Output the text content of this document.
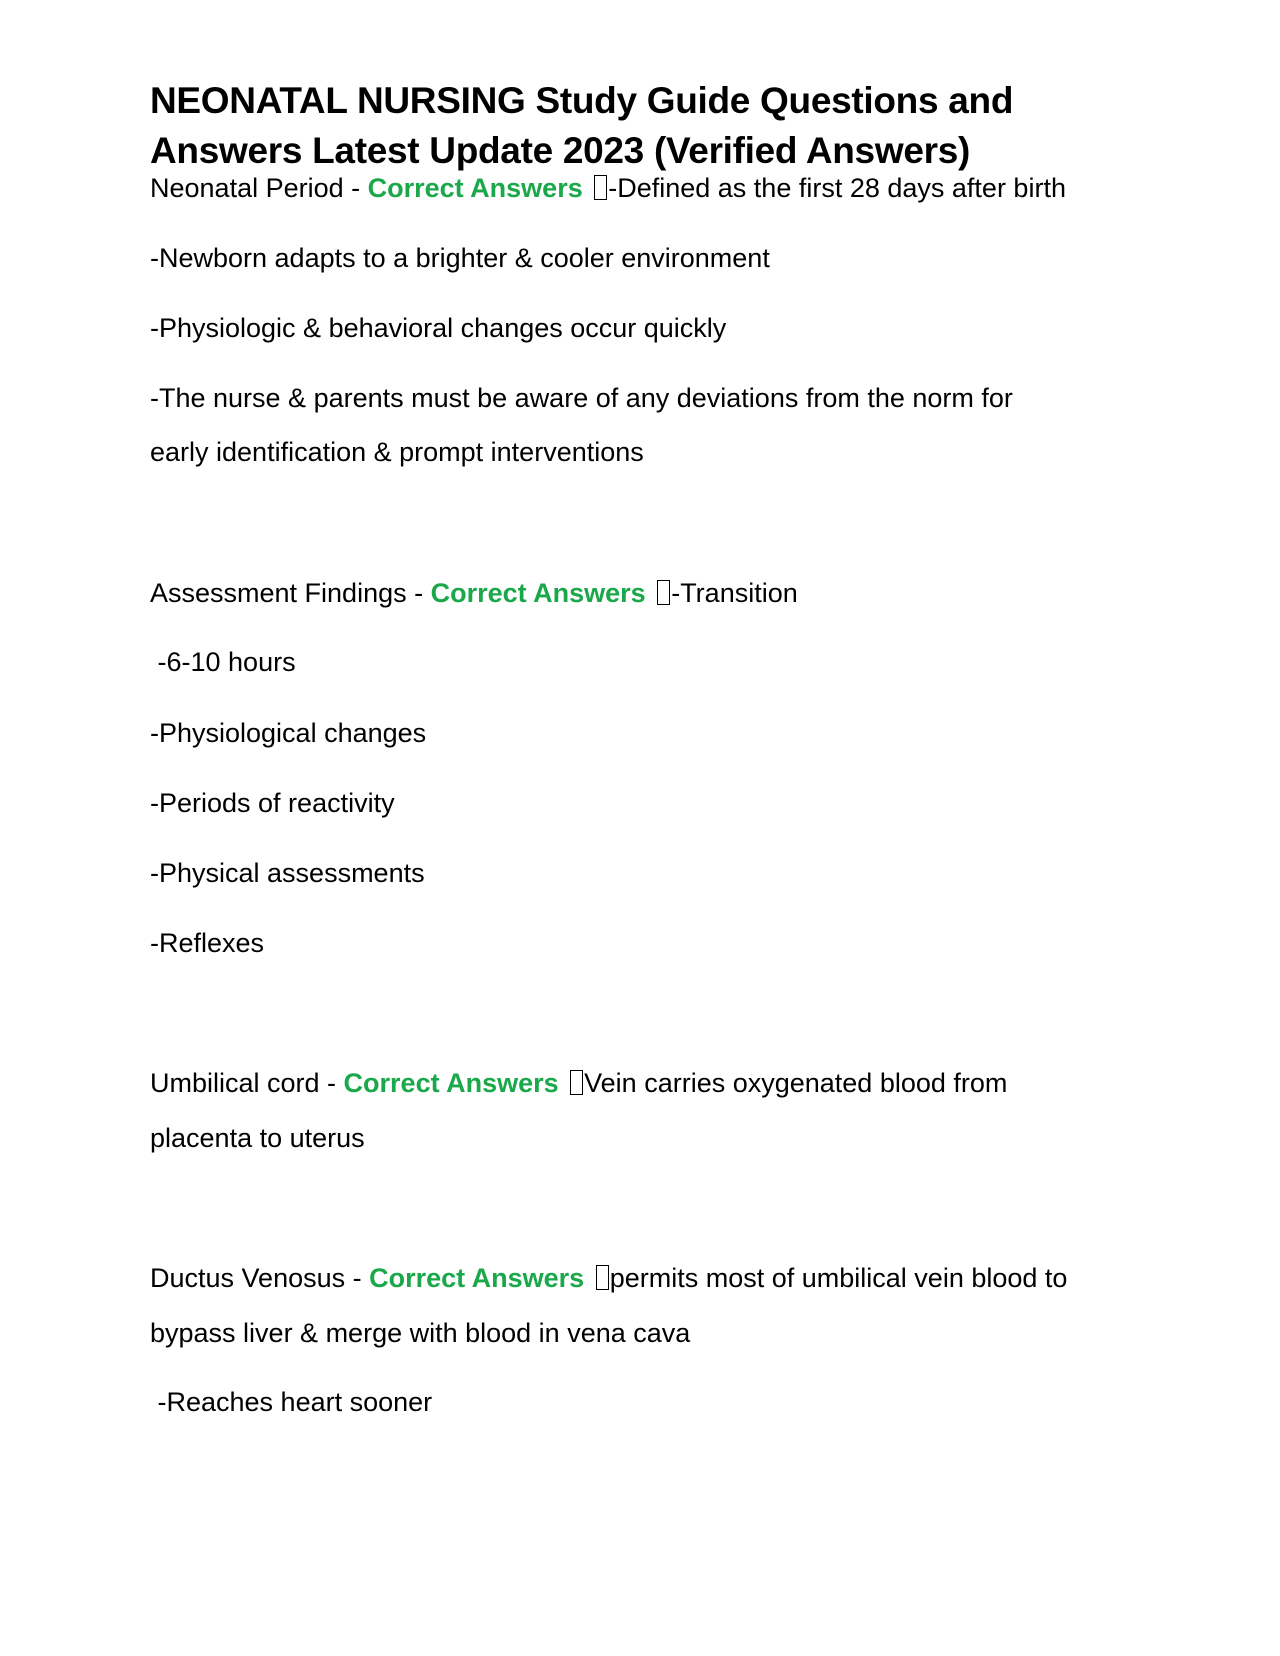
NEONATAL NURSING Study Guide Questions and Answers Latest Update 2023 (Verified Answers)

Neonatal Period - Correct Answers -Defined as the first 28 days after birth

-Newborn adapts to a brighter & cooler environment

-Physiologic & behavioral changes occur quickly

-The nurse & parents must be aware of any deviations from the norm for

early identification & prompt interventions

Assessment Findings - Correct Answers -Transition

-6-10 hours

-Physiological changes

-Periods of reactivity

-Physical assessments

-Reflexes

Umbilical cord - Correct Answers Vein carries oxygenated blood from

placenta to uterus

Ductus Venosus - Correct Answers permits most of umbilical vein blood to

bypass liver & merge with blood in vena cava

-Reaches heart sooner
